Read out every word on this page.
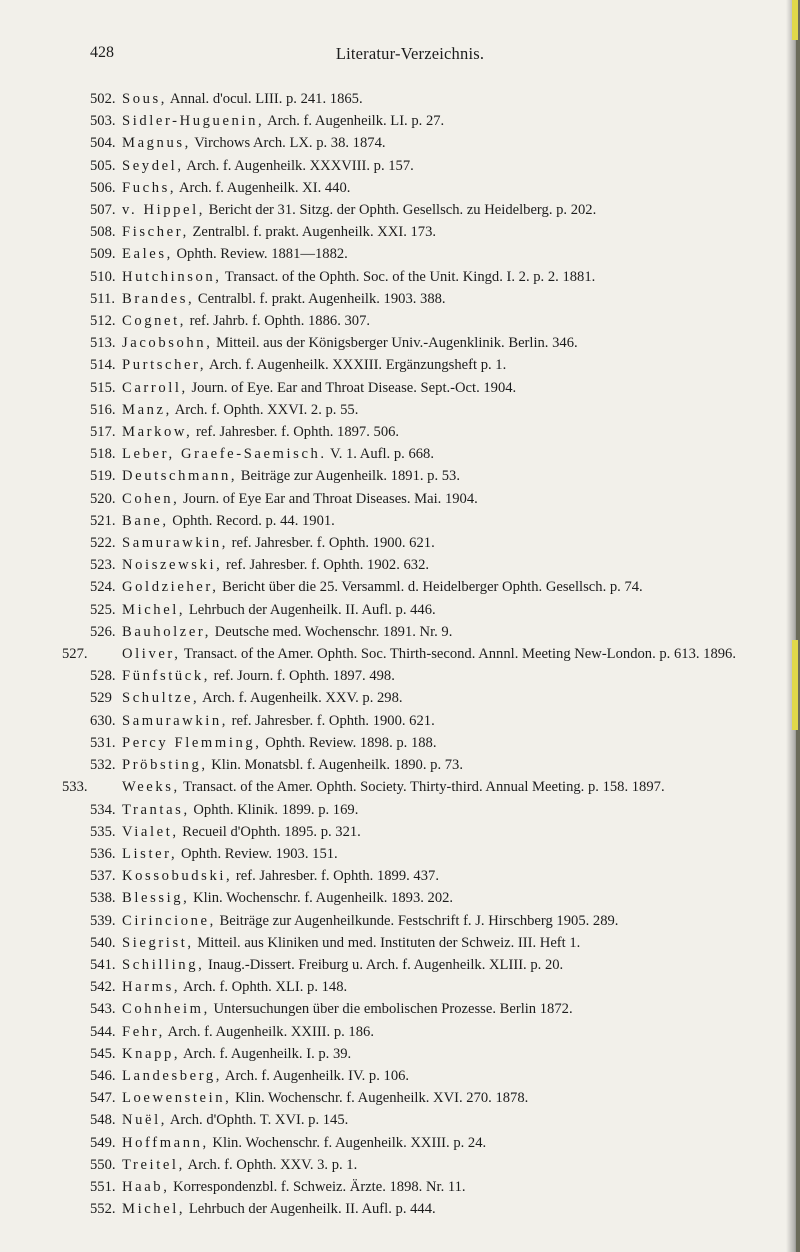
428	Literatur-Verzeichnis.
502. Sous, Annal. d'ocul. LIII. p. 241. 1865.
503. Sidler-Huguenin, Arch. f. Augenheilk. LI. p. 27.
504. Magnus, Virchows Arch. LX. p. 38. 1874.
505. Seydel, Arch. f. Augenheilk. XXXVIII. p. 157.
506. Fuchs, Arch. f. Augenheilk. XI. 440.
507. v. Hippel, Bericht der 31. Sitzg. der Ophth. Gesellsch. zu Heidelberg. p. 202.
508. Fischer, Zentralbl. f. prakt. Augenheilk. XXI. 173.
509. Eales, Ophth. Review. 1881—1882.
510. Hutchinson, Transact. of the Ophth. Soc. of the Unit. Kingd. I. 2. p. 2. 1881.
511. Brandes, Centralbl. f. prakt. Augenheilk. 1903. 388.
512. Cognet, ref. Jahrb. f. Ophth. 1886. 307.
513. Jacobsohn, Mitteil. aus der Königsberger Univ.-Augenklinik. Berlin. 346.
514. Purtscher, Arch. f. Augenheilk. XXXIII. Ergänzungsheft p. 1.
515. Carroll, Journ. of Eye. Ear and Throat Disease. Sept.-Oct. 1904.
516. Manz, Arch. f. Ophth. XXVI. 2. p. 55.
517. Markow, ref. Jahresber. f. Ophth. 1897. 506.
518. Leber, Graefe-Saemisch. V. 1. Aufl. p. 668.
519. Deutschmann, Beiträge zur Augenheilk. 1891. p. 53.
520. Cohen, Journ. of Eye Ear and Throat Diseases. Mai. 1904.
521. Bane, Ophth. Record. p. 44. 1901.
522. Samurawkin, ref. Jahresber. f. Ophth. 1900. 621.
523. Noiszewski, ref. Jahresber. f. Ophth. 1902. 632.
524. Goldzieher, Bericht über die 25. Versamml. d. Heidelberger Ophth. Gesellsch. p. 74.
525. Michel, Lehrbuch der Augenheilk. II. Aufl. p. 446.
526. Bauholzer, Deutsche med. Wochenschr. 1891. Nr. 9.
527. Oliver, Transact. of the Amer. Ophth. Soc. Thirth-second. Annnl. Meeting New-London. p. 613. 1896.
528. Fünfstück, ref. Journ. f. Ophth. 1897. 498.
529 Schultze, Arch. f. Augenheilk. XXV. p. 298.
630. Samurawkin, ref. Jahresber. f. Ophth. 1900. 621.
531. Percy Flemming, Ophth. Review. 1898. p. 188.
532. Pröbsting, Klin. Monatsbl. f. Augenheilk. 1890. p. 73.
533. Weeks, Transact. of the Amer. Ophth. Society. Thirty-third. Annual Meeting. p. 158. 1897.
534. Trantas, Ophth. Klinik. 1899. p. 169.
535. Vialet, Recueil d'Ophth. 1895. p. 321.
536. Lister, Ophth. Review. 1903. 151.
537. Kossobudski, ref. Jahresber. f. Ophth. 1899. 437.
538. Blessig, Klin. Wochenschr. f. Augenheilk. 1893. 202.
539. Cirincione, Beiträge zur Augenheilkunde. Festschrift f. J. Hirschberg 1905. 289.
540. Siegrist, Mitteil. aus Kliniken und med. Instituten der Schweiz. III. Heft 1.
541. Schilling, Inaug.-Dissert. Freiburg u. Arch. f. Augenheilk. XLIII. p. 20.
542. Harms, Arch. f. Ophth. XLI. p. 148.
543. Cohnheim, Untersuchungen über die embolischen Prozesse. Berlin 1872.
544. Fehr, Arch. f. Augenheilk. XXIII. p. 186.
545. Knapp, Arch. f. Augenheilk. I. p. 39.
546. Landesberg, Arch. f. Augenheilk. IV. p. 106.
547. Loewenstein, Klin. Wochenschr. f. Augenheilk. XVI. 270. 1878.
548. Nuël, Arch. d'Ophth. T. XVI. p. 145.
549. Hoffmann, Klin. Wochenschr. f. Augenheilk. XXIII. p. 24.
550. Treitel, Arch. f. Ophth. XXV. 3. p. 1.
551. Haab, Korrespondenzbl. f. Schweiz. Ärzte. 1898. Nr. 11.
552. Michel, Lehrbuch der Augenheilk. II. Aufl. p. 444.
